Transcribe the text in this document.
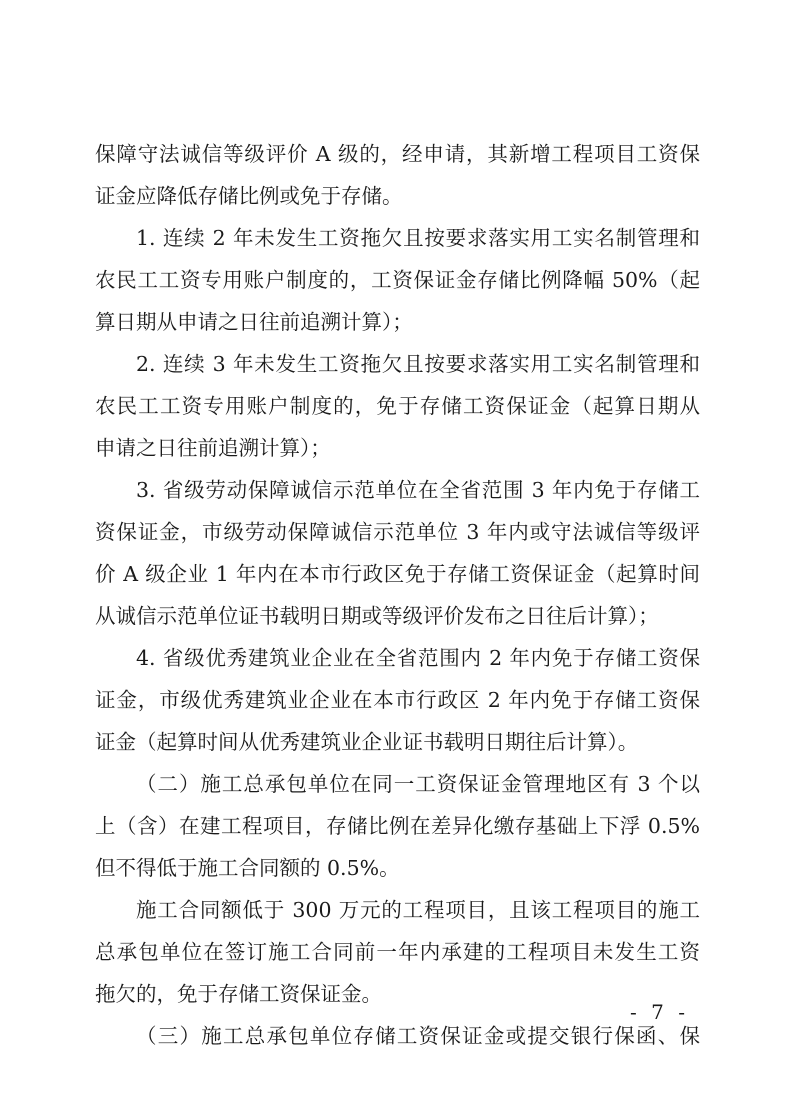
保障守法诚信等级评价 A 级的，经申请，其新增工程项目工资保
证金应降低存储比例或免于存储。
1. 连续 2 年未发生工资拖欠且按要求落实用工实名制管理和
农民工工资专用账户制度的，工资保证金存储比例降幅 50%（起
算日期从申请之日往前追溯计算）；
2. 连续 3 年未发生工资拖欠且按要求落实用工实名制管理和
农民工工资专用账户制度的，免于存储工资保证金（起算日期从
申请之日往前追溯计算）；
3. 省级劳动保障诚信示范单位在全省范围 3 年内免于存储工
资保证金，市级劳动保障诚信示范单位 3 年内或守法诚信等级评
价 A 级企业 1 年内在本市行政区免于存储工资保证金（起算时间
从诚信示范单位证书载明日期或等级评价发布之日往后计算）；
4. 省级优秀建筑业企业在全省范围内 2 年内免于存储工资保
证金，市级优秀建筑业企业在本市行政区 2 年内免于存储工资保
证金（起算时间从优秀建筑业企业证书载明日期往后计算）。
（二）施工总承包单位在同一工资保证金管理地区有 3 个以
上（含）在建工程项目，存储比例在差异化缴存基础上下浮 0.5%
但不得低于施工合同额的 0.5%。
施工合同额低于 300 万元的工程项目，且该工程项目的施工
总承包单位在签订施工合同前一年内承建的工程项目未发生工资
拖欠的，免于存储工资保证金。
（三）施工总承包单位存储工资保证金或提交银行保函、保
- 7 -
